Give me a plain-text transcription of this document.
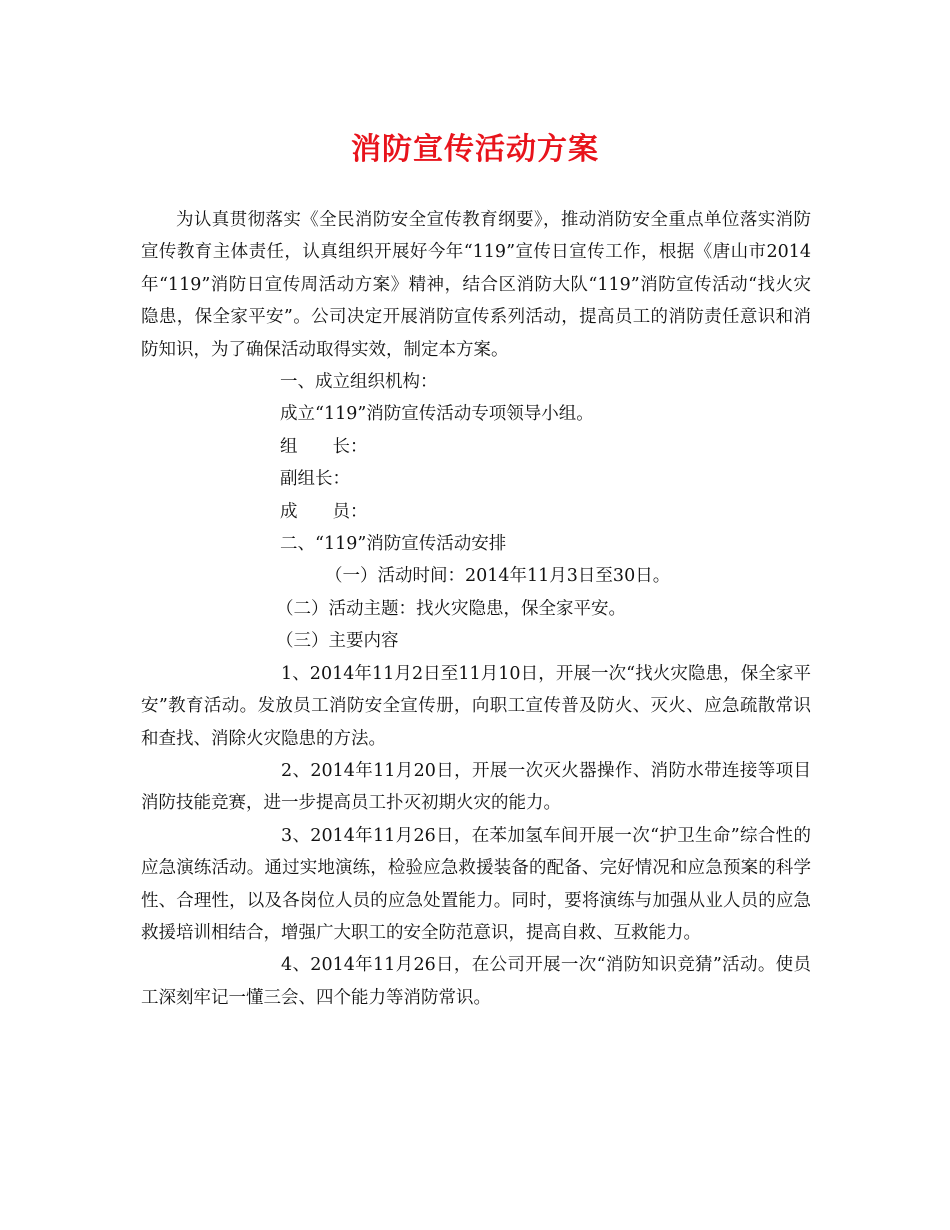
消防宣传活动方案

为认真贯彻落实《全民消防安全宣传教育纲要》，推动消防安全重点单位落实消防宣传教育主体责任，认真组织开展好今年“119”宣传日宣传工作，根据《唐山市2014年“119”消防日宣传周活动方案》精神，结合区消防大队“119”消防宣传活动“找火灾隐患，保全家平安”。公司决定开展消防宣传系列活动，提高员工的消防责任意识和消防知识，为了确保活动取得实效，制定本方案。

一、成立组织机构：

成立“119”消防宣传活动专项领导小组。

组　　长：

副组长：

成　　员：

二、“119”消防宣传活动安排

（一）活动时间：2014年11月3日至30日。

（二）活动主题：找火灾隐患，保全家平安。

（三）主要内容

1、2014年11月2日至11月10日，开展一次“找火灾隐患，保全家平安”教育活动。发放员工消防安全宣传册，向职工宣传普及防火、灭火、应急疏散常识和查找、消除火灾隐患的方法。

2、2014年11月20日，开展一次灭火器操作、消防水带连接等项目消防技能竞赛，进一步提高员工扑灭初期火灾的能力。

3、2014年11月26日，在苯加氢车间开展一次“护卫生命”综合性的应急演练活动。通过实地演练，检验应急救援装备的配备、完好情况和应急预案的科学性、合理性，以及各岗位人员的应急处置能力。同时，要将演练与加强从业人员的应急救援培训相结合，增强广大职工的安全防范意识，提高自救、互救能力。

4、2014年11月26日，在公司开展一次“消防知识竞猜”活动。使员工深刻牢记一懂三会、四个能力等消防常识。
